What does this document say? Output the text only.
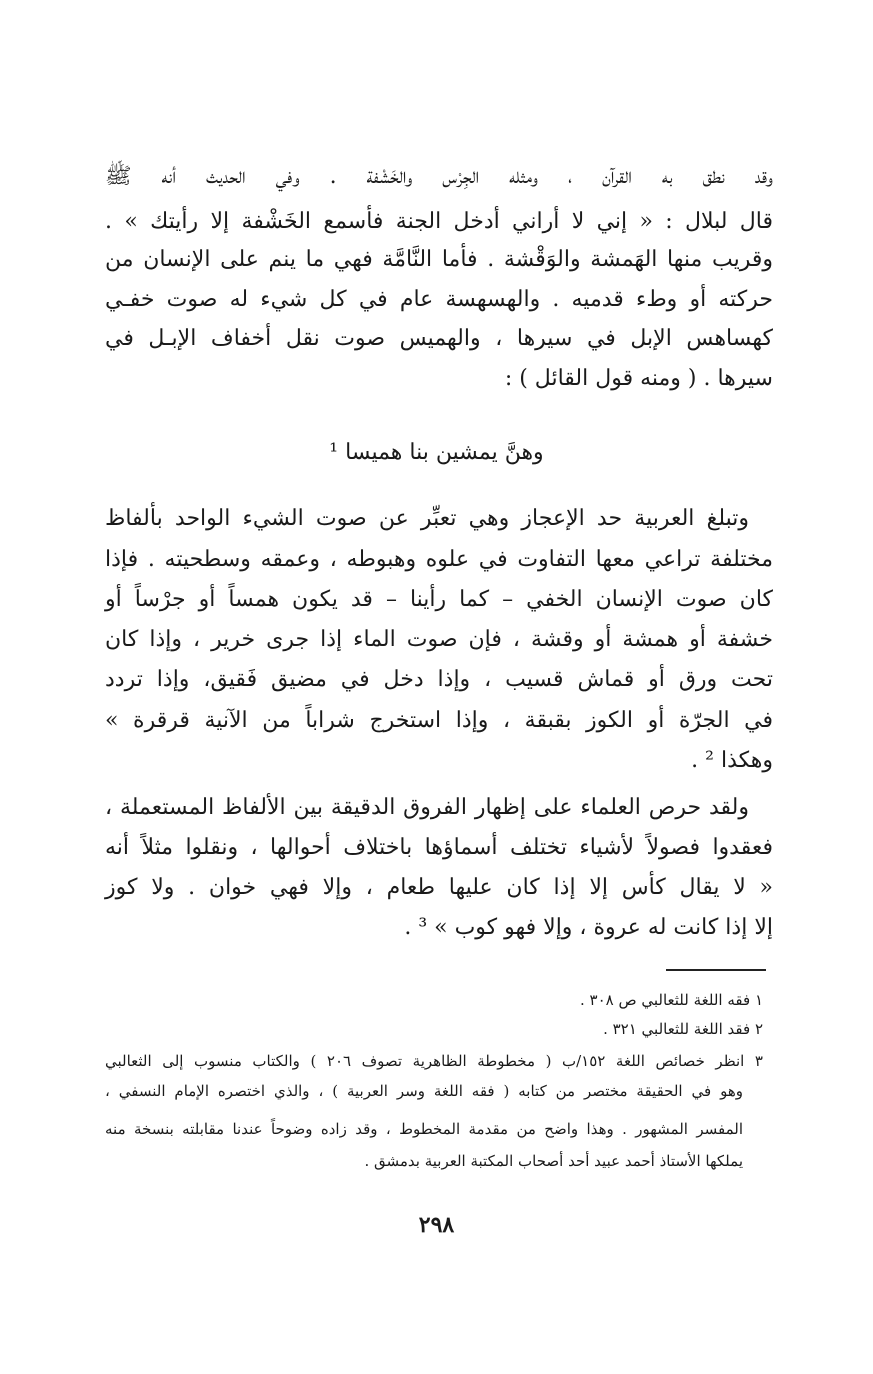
وقد نطق به القرآن ، ومثله الجِرْس والخَشْفة . وفي الحديث أنه ﷺ
قال لبلال : « إني لا أراني أدخل الجنة فأسمع الخَشْفة إلا رأيتك » .
وقريب منها الهَمشة والوَقْشة . فأما النَّامَّة فهي ما ينم على الإنسان من
حركته أو وطء قدميه . والهسهسة عام في كل شيء له صوت خفـي
كهساهس الإبل في سيرها ، والهميس صوت نقل أخفاف الإبـل في
سيرها . ( ومنه قول القائل ) :
وهنَّ يمشين بنا هميسا ¹
وتبلغ العربية حد الإعجاز وهي تعبِّر عن صوت الشيء الواحد بألفاظ
مختلفة تراعي معها التفاوت في علوه وهبوطه ، وعمقه وسطحيته . فإذا
كان صوت الإنسان الخفي – كما رأينا – قد يكون همساً أو جرْساً أو
خشفة أو همشة أو وقشة ، فإن صوت الماء إذا جرى خرير ، وإذا كان
تحت ورق أو قماش قسيب ، وإذا دخل في مضيق فَقيق، وإذا تردد
في الجرّة أو الكوز بقبقة ، وإذا استخرج شراباً من الآنية قرقرة »
وهكذا ² .
ولقد حرص العلماء على إظهار الفروق الدقيقة بين الألفاظ المستعملة ،
فعقدوا فصولاً لأشياء تختلف أسماؤها باختلاف أحوالها ، ونقلوا مثلاً أنه
« لا يقال كأس إلا إذا كان عليها طعام ، وإلا فهي خوان . ولا كوز
إلا إذا كانت له عروة ، وإلا فهو كوب » ³ .
١ فقه اللغة للثعالبي ص ٣٠٨ .
٢ فقد اللغة للثعالبي ٣٢١ .
٣ انظر خصائص اللغة ١٥٢/ب ( مخطوطة الظاهرية تصوف ٢٠٦ ) والكتاب منسوب إلى الثعالبي
وهو في الحقيقة مختصر من كتابه ( فقه اللغة وسر العربية ) ، والذي اختصره الإمام النسفي ،
المفسر المشهور . وهذا واضح من مقدمة المخطوط ، وقد زاده وضوحاً عندنا مقابلته بنسخة منه
يملكها الأستاذ أحمد عبيد أحد أصحاب المكتبة العربية بدمشق .
٢٩٨
